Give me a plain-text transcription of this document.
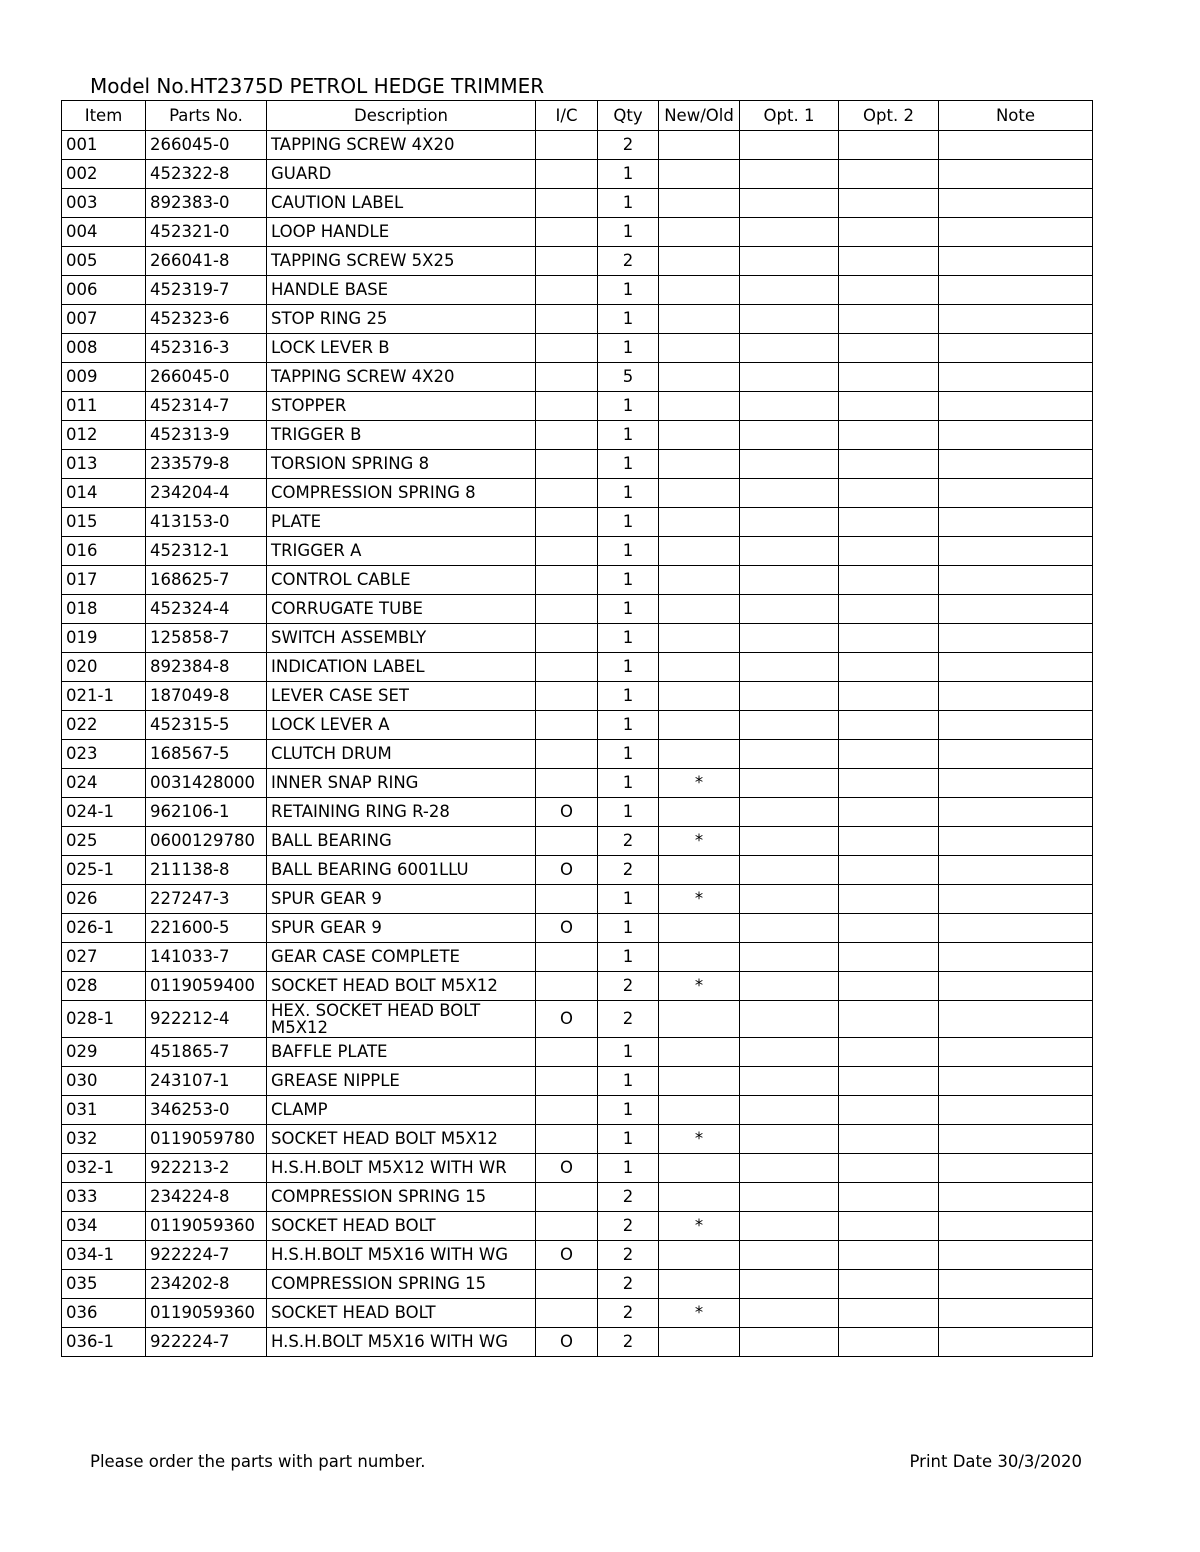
Model No.HT2375D PETROL HEDGE TRIMMER
Item	Parts No.	Description	I/C	Qty	New/Old	Opt. 1	Opt. 2	Note
001	266045-0	TAPPING SCREW 4X20		2				
002	452322-8	GUARD		1				
003	892383-0	CAUTION LABEL		1				
004	452321-0	LOOP HANDLE		1				
005	266041-8	TAPPING SCREW 5X25		2				
006	452319-7	HANDLE BASE		1				
007	452323-6	STOP RING 25		1				
008	452316-3	LOCK LEVER B		1				
009	266045-0	TAPPING SCREW 4X20		5				
011	452314-7	STOPPER		1				
012	452313-9	TRIGGER B		1				
013	233579-8	TORSION SPRING 8		1				
014	234204-4	COMPRESSION SPRING 8		1				
015	413153-0	PLATE		1				
016	452312-1	TRIGGER A		1				
017	168625-7	CONTROL CABLE		1				
018	452324-4	CORRUGATE TUBE		1				
019	125858-7	SWITCH ASSEMBLY		1				
020	892384-8	INDICATION LABEL		1				
021-1	187049-8	LEVER CASE SET		1				
022	452315-5	LOCK LEVER A		1				
023	168567-5	CLUTCH DRUM		1				
024	0031428000	INNER SNAP RING		1	*			
024-1	962106-1	RETAINING RING R-28	O	1				
025	0600129780	BALL BEARING		2	*			
025-1	211138-8	BALL BEARING 6001LLU	O	2				
026	227247-3	SPUR GEAR 9		1	*			
026-1	221600-5	SPUR GEAR 9	O	1				
027	141033-7	GEAR CASE COMPLETE		1				
028	0119059400	SOCKET HEAD BOLT M5X12		2	*			
028-1	922212-4	HEX. SOCKET HEAD BOLT M5X12	O	2				
029	451865-7	BAFFLE PLATE		1				
030	243107-1	GREASE NIPPLE		1				
031	346253-0	CLAMP		1				
032	0119059780	SOCKET HEAD BOLT M5X12		1	*			
032-1	922213-2	H.S.H.BOLT M5X12 WITH WR	O	1				
033	234224-8	COMPRESSION SPRING 15		2				
034	0119059360	SOCKET HEAD BOLT		2	*			
034-1	922224-7	H.S.H.BOLT M5X16 WITH WG	O	2				
035	234202-8	COMPRESSION SPRING 15		2				
036	0119059360	SOCKET HEAD BOLT		2	*			
036-1	922224-7	H.S.H.BOLT M5X16 WITH WG	O	2				
Please order the parts with part number.	Print Date 30/3/2020
